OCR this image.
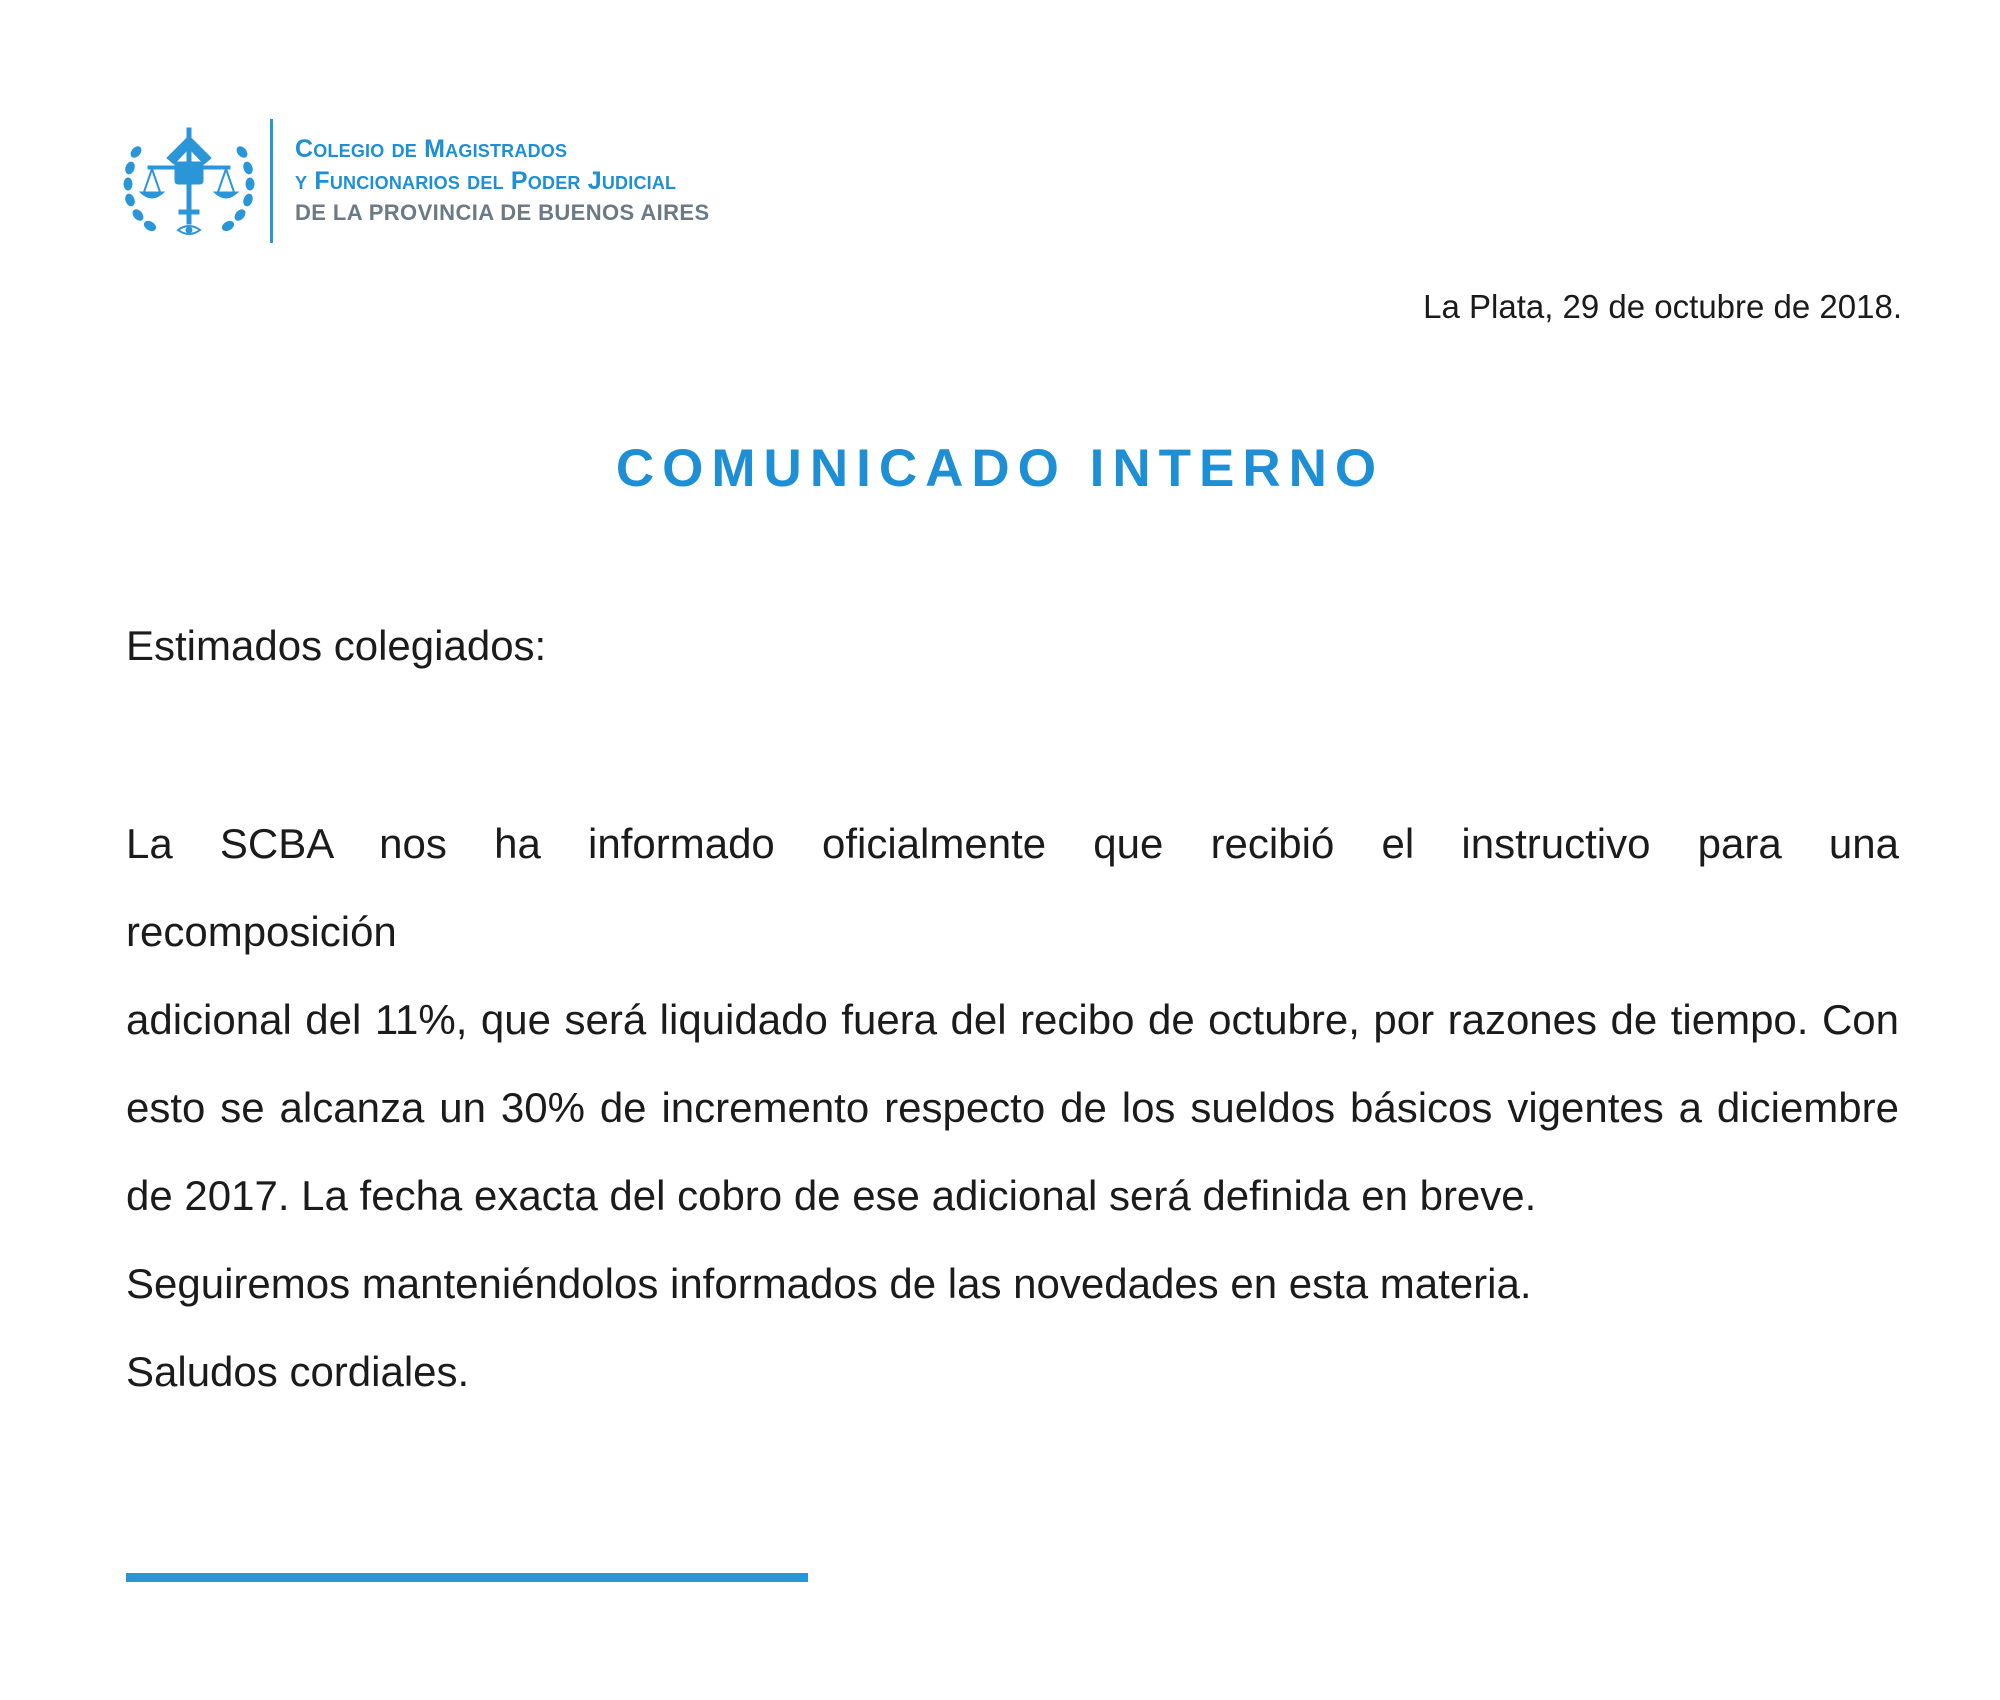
Colegio de Magistrados
y Funcionarios del Poder Judicial
DE LA PROVINCIA DE BUENOS AIRES
La Plata, 29 de octubre de 2018.
COMUNICADO INTERNO
Estimados colegiados:

La SCBA nos ha informado oficialmente que recibió el instructivo para una

recomposición

adicional del 11%, que será liquidado fuera del recibo de octubre, por razones de tiempo. Con esto se alcanza un 30% de incremento respecto de los sueldos básicos vigentes a diciembre de 2017. La fecha exacta del cobro de ese adicional será definida en breve.

Seguiremos manteniéndolos informados de las novedades en esta materia.

Saludos cordiales.
